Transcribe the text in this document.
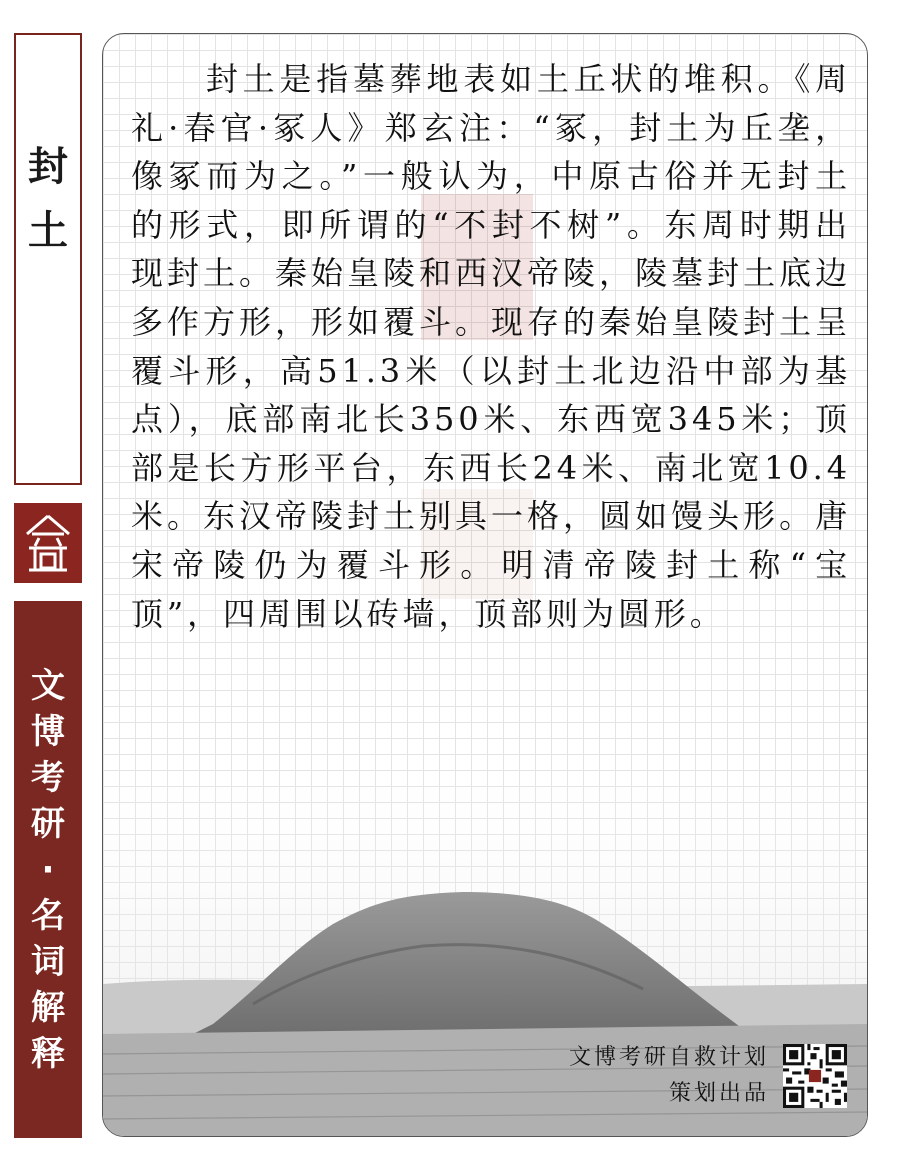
封
土
文
博
考
研
·
名
词
解
释

封土是指墓葬地表如土丘状的堆积。《周礼·春官·冢人》郑玄注：“冢，封土为丘垄，像冢而为之。”一般认为，中原古俗并无封土的形式，即所谓的“不封不树”。东周时期出现封土。秦始皇陵和西汉帝陵，陵墓封土底边多作方形，形如覆斗。现存的秦始皇陵封土呈覆斗形，高51.3米（以封土北边沿中部为基点），底部南北长350米、东西宽345米；顶部是长方形平台，东西长24米、南北宽10.4米。东汉帝陵封土别具一格，圆如馒头形。唐宋帝陵仍为覆斗形。明清帝陵封土称“宝顶”，四周围以砖墙，顶部则为圆形。

文博考研自救计划
策划出品
